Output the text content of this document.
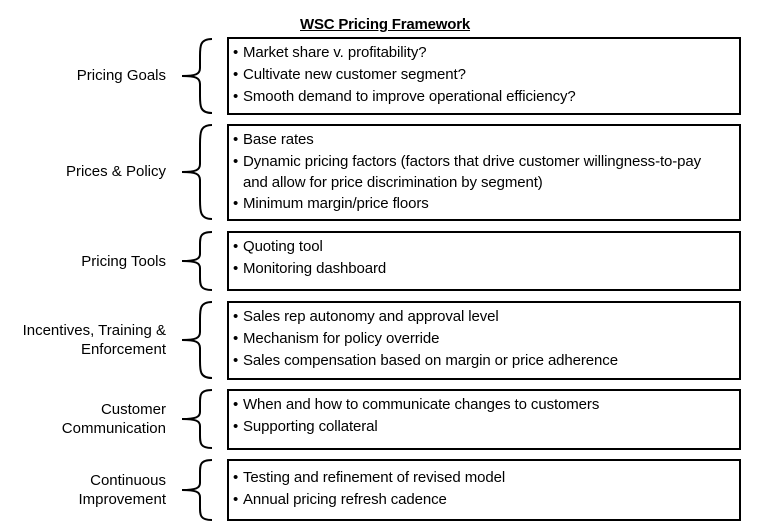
WSC Pricing Framework
Pricing Goals
• Market share v. profitability?
• Cultivate new customer segment?
• Smooth demand to improve operational efficiency?
Prices & Policy
• Base rates
• Dynamic pricing factors (factors that drive customer willingness-to-pay and allow for price discrimination by segment)
• Minimum margin/price floors
Pricing Tools
• Quoting tool
• Monitoring dashboard
Incentives, Training &
Enforcement
• Sales rep autonomy and approval level
• Mechanism for policy override
• Sales compensation based on margin or price adherence
Customer
Communication
• When and how to communicate changes to customers
• Supporting collateral
Continuous
Improvement
• Testing and refinement of revised model
• Annual pricing refresh cadence
